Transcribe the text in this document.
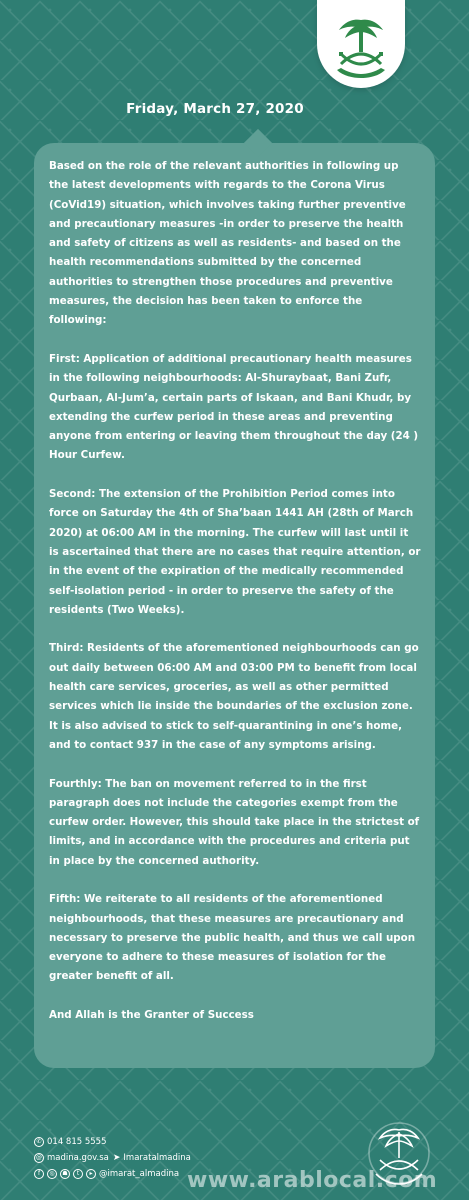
Friday, March 27, 2020

Based on the role of the relevant authorities in following up the latest developments with regards to the Corona Virus (CoVid19) situation, which involves taking further preventive and precautionary measures -in order to preserve the health and safety of citizens as well as residents- and based on the health recommendations submitted by the concerned authorities to strengthen those procedures and preventive measures, the decision has been taken to enforce the following:

First: Application of additional precautionary health measures in the following neighbourhoods: Al-Shuraybaat, Bani Zufr, Qurbaan, Al-Jum’a, certain parts of Iskaan, and Bani Khudr, by extending the curfew period in these areas and preventing anyone from entering or leaving them throughout the day (24 ) Hour Curfew.

Second: The extension of the Prohibition Period comes into force on Saturday the 4th of Sha’baan 1441 AH (28th of March 2020) at 06:00 AM in the morning. The curfew will last until it is ascertained that there are no cases that require attention, or in the event of the expiration of the medically recommended self-isolation period - in order to preserve the safety of the residents (Two Weeks).

Third: Residents of the aforementioned neighbourhoods can go out daily between 06:00 AM and 03:00 PM to benefit from local health care services, groceries, as well as other permitted services which lie inside the boundaries of the exclusion zone. It is also advised to stick to self-quarantining in one’s home, and to contact 937 in the case of any symptoms arising.

Fourthly: The ban on movement referred to in the first paragraph does not include the categories exempt from the curfew order. However, this should take place in the strictest of limits, and in accordance with the procedures and criteria put in place by the concerned authority.

Fifth: We reiterate to all residents of the aforementioned neighbourhoods, that these measures are precautionary and necessary to preserve the public health, and thus we call upon everyone to adhere to these measures of isolation for the greater benefit of all.

And Allah is the Granter of Success

✆ 014 815 5555
@ madina.gov.sa ➤ Imaratalmadina
f	◎	☗	t	▸ @imarat_almadina www.arablocal.com
